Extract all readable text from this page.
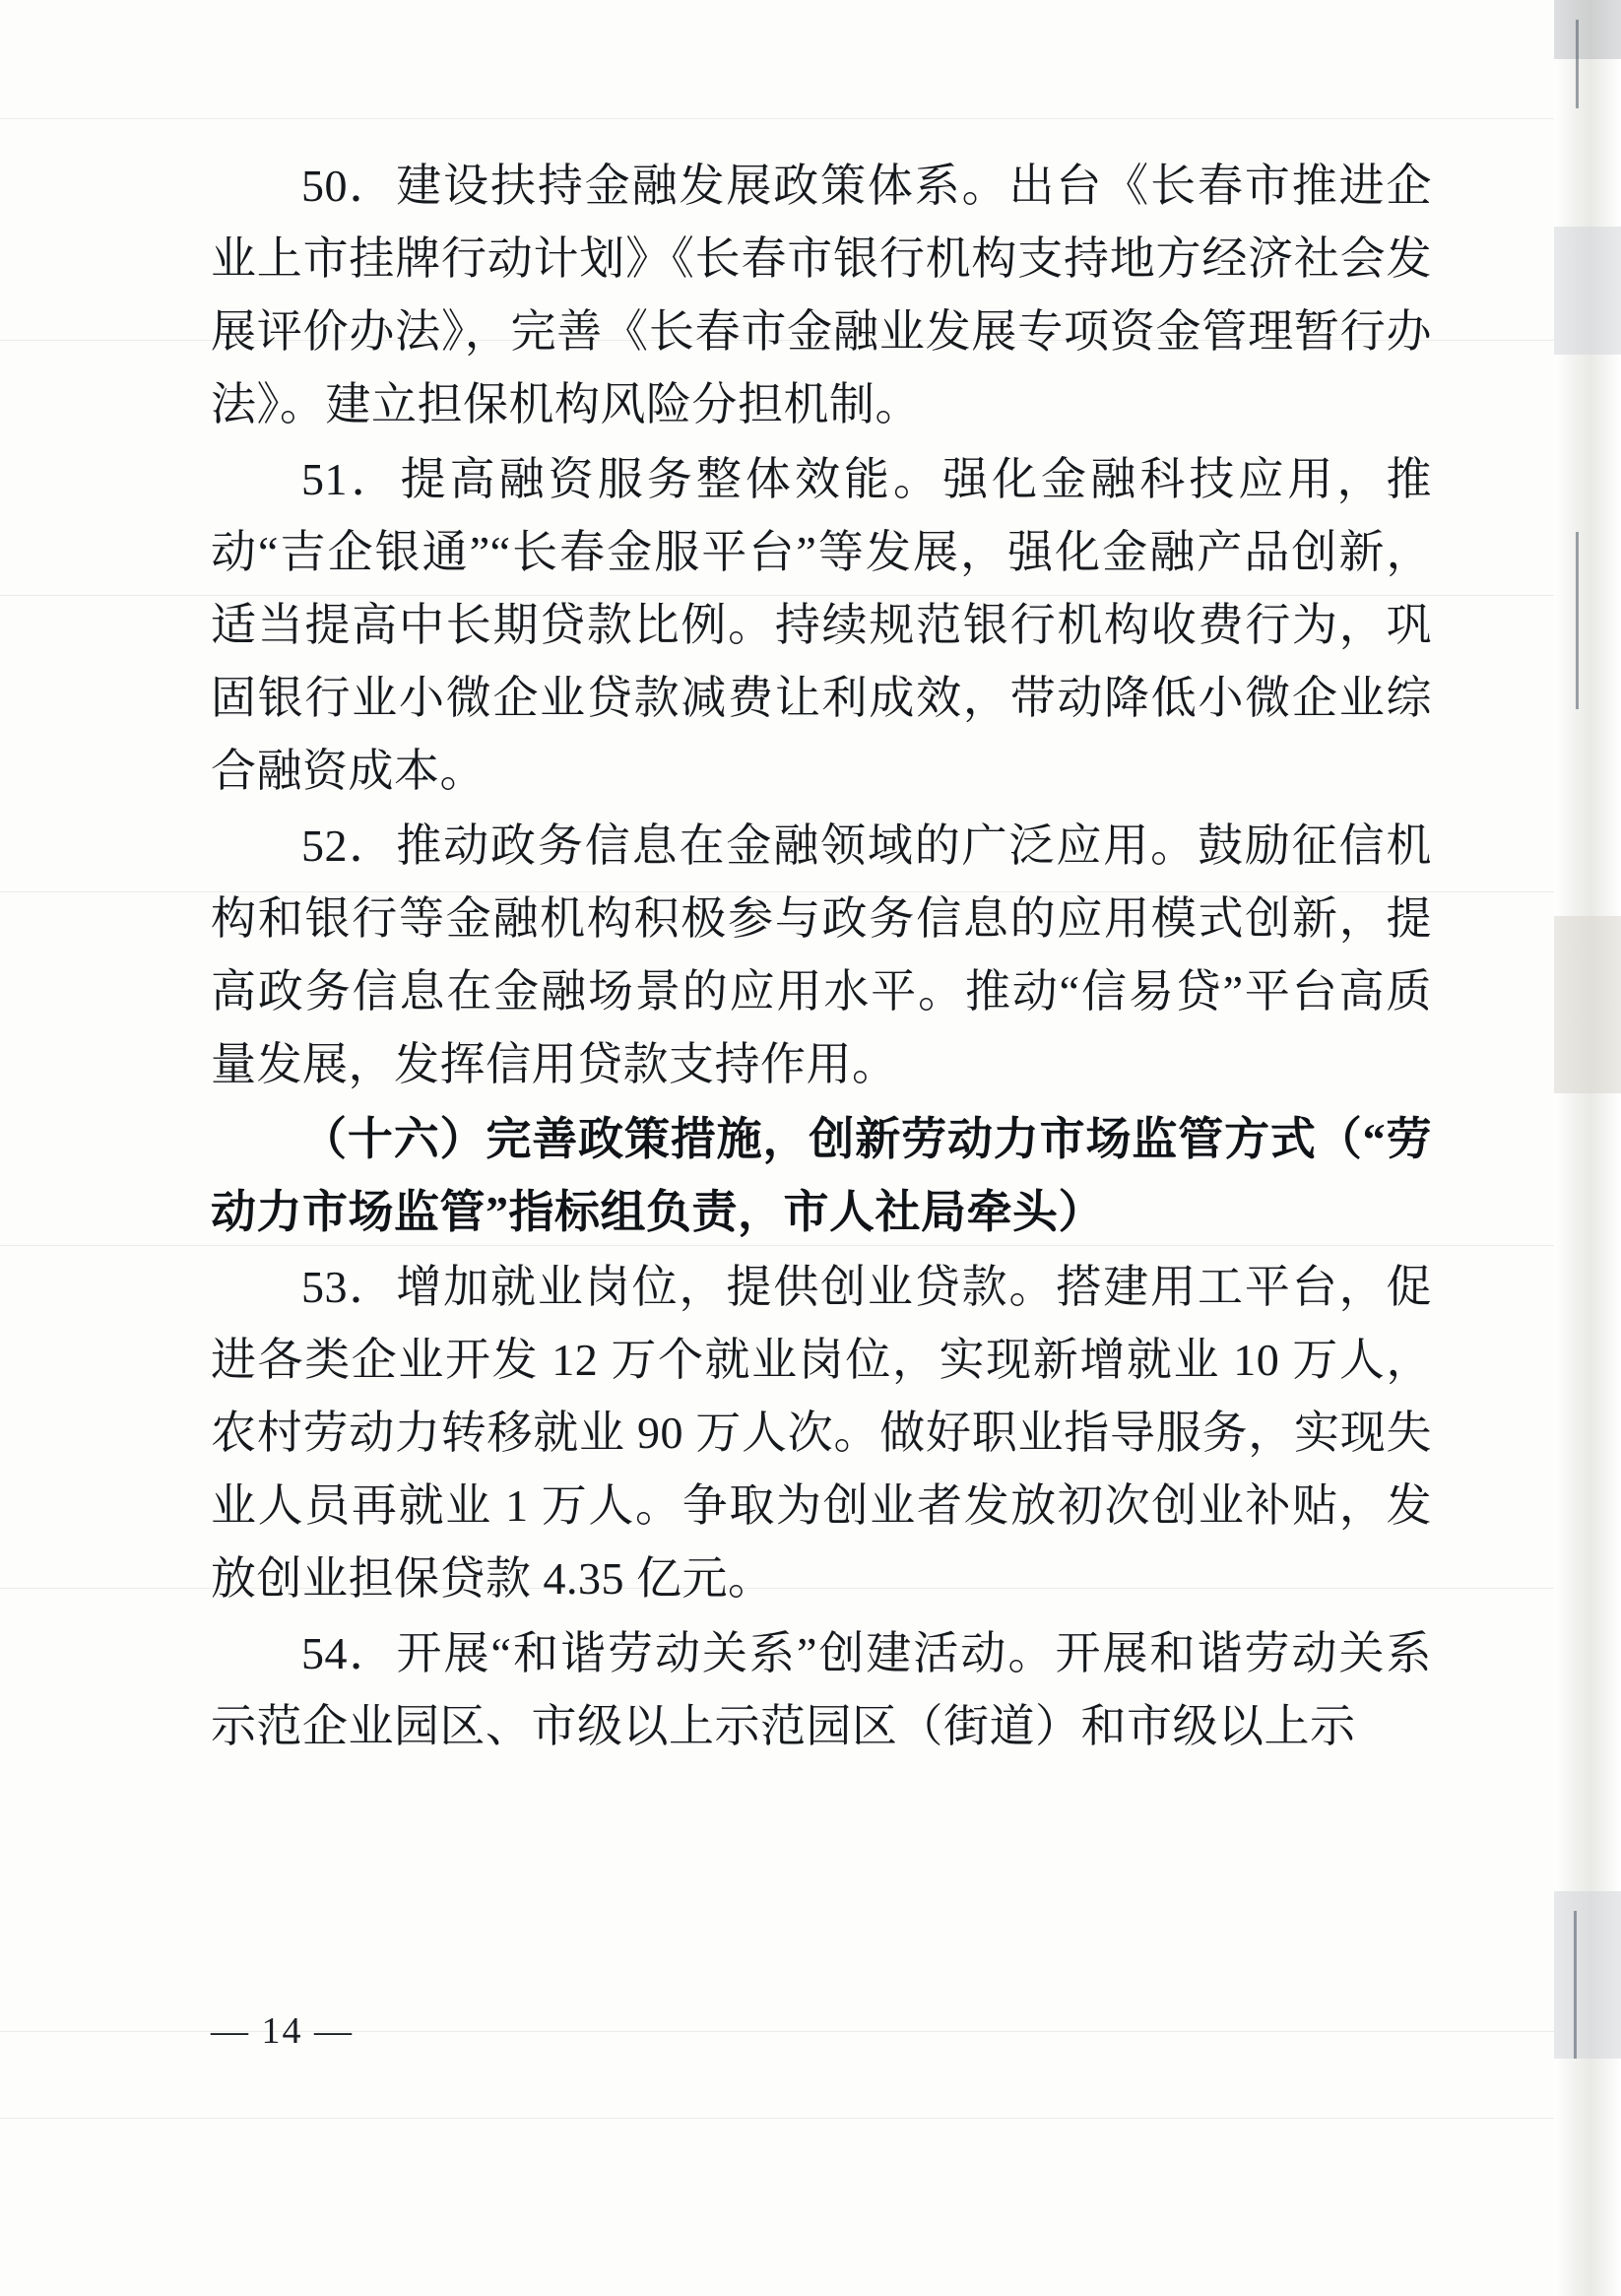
50．建设扶持金融发展政策体系。出台《长春市推进企业上市挂牌行动计划》《长春市银行机构支持地方经济社会发展评价办法》，完善《长春市金融业发展专项资金管理暂行办法》。建立担保机构风险分担机制。

51．提高融资服务整体效能。强化金融科技应用，推动“吉企银通”“长春金服平台”等发展，强化金融产品创新，适当提高中长期贷款比例。持续规范银行机构收费行为，巩固银行业小微企业贷款减费让利成效，带动降低小微企业综合融资成本。

52．推动政务信息在金融领域的广泛应用。鼓励征信机构和银行等金融机构积极参与政务信息的应用模式创新，提高政务信息在金融场景的应用水平。推动“信易贷”平台高质量发展，发挥信用贷款支持作用。

（十六）完善政策措施，创新劳动力市场监管方式（“劳动力市场监管”指标组负责，市人社局牵头）

53．增加就业岗位，提供创业贷款。搭建用工平台，促进各类企业开发 12 万个就业岗位，实现新增就业 10 万人，农村劳动力转移就业 90 万人次。做好职业指导服务，实现失业人员再就业 1 万人。争取为创业者发放初次创业补贴，发放创业担保贷款 4.35 亿元。

54．开展“和谐劳动关系”创建活动。开展和谐劳动关系示范企业园区、市级以上示范园区（街道）和市级以上示

— 14 —
